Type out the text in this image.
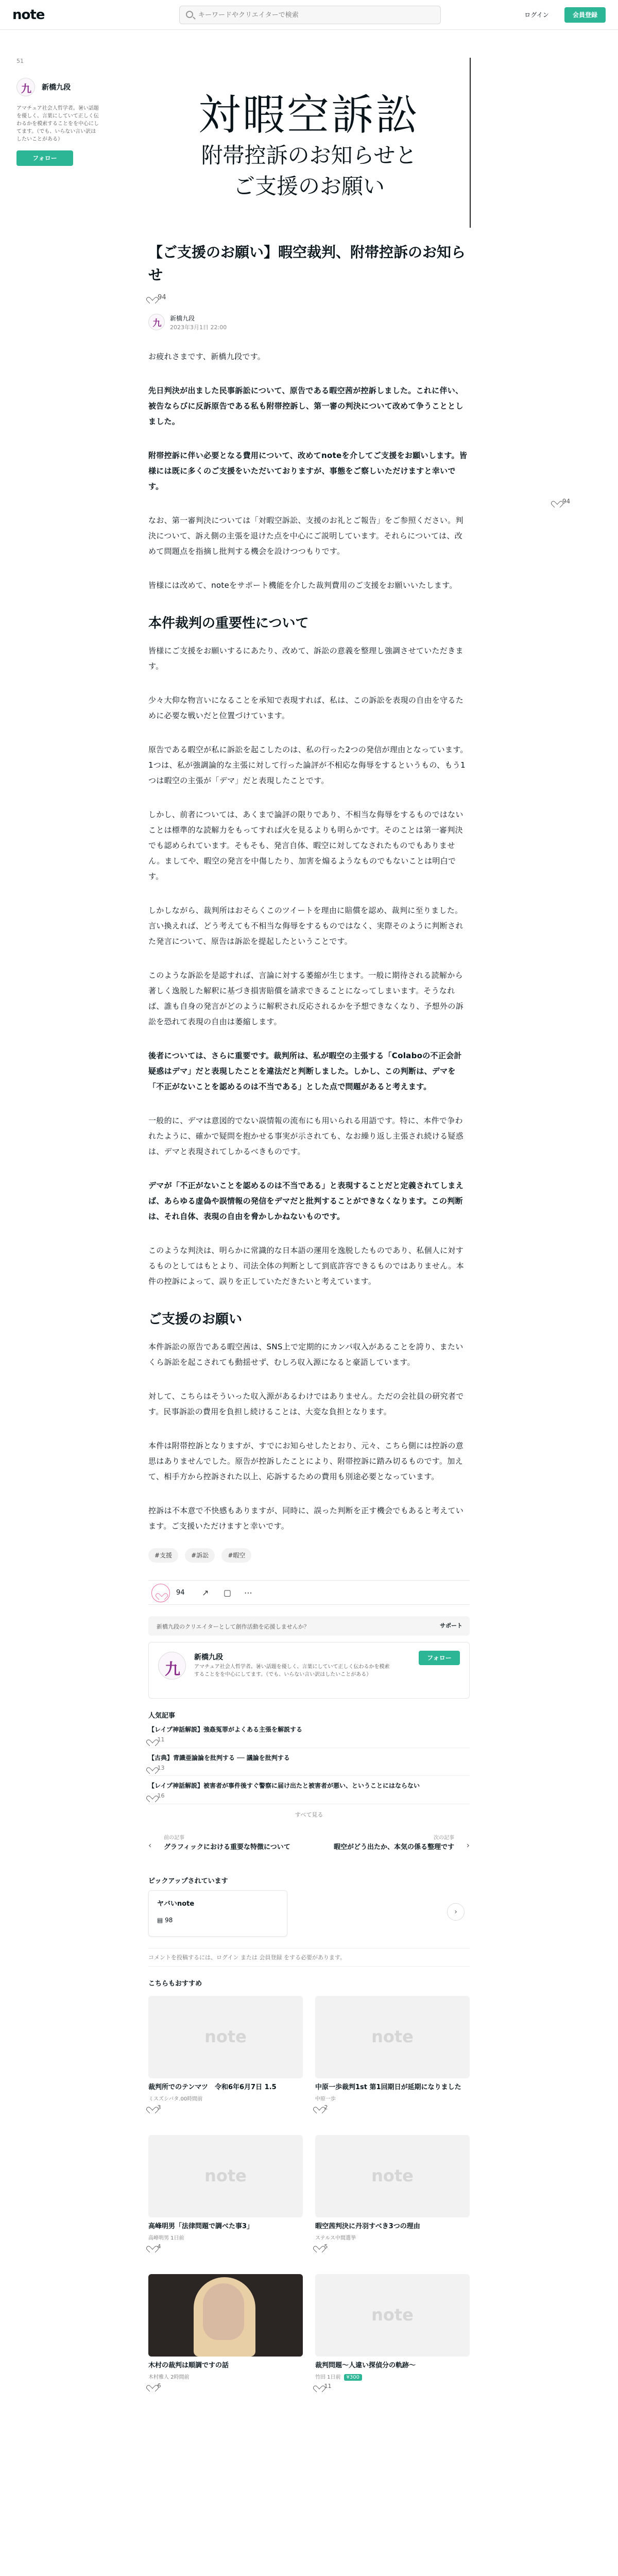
note
キーワードやクリエイターで検索	ログイン	会員登録
51
九	新橋九段
アマチュア社会人哲学者。暑い話題を優しく、言葉にしていて正しく伝わるかを模索することをを中心にしてます。（でも、いらない言い訳はしたいことがある）
フォロー
対暇空訴訟
附帯控訴のお知らせと
ご支援のお願い
【ご支援のお願い】暇空裁判、附帯控訴のお知らせ
94
九	新橋九段
2023年3月1日 22:00

お疲れさまです、新橋九段です。

先日判決が出ました民事訴訟について、原告である暇空茜が控訴しました。これに伴い、被告ならびに反訴原告である私も附帯控訴し、第一審の判決について改めて争うこととしました。

附帯控訴に伴い必要となる費用について、改めてnoteを介してご支援をお願いします。皆様には既に多くのご支援をいただいておりますが、事態をご察しいただけますと幸いです。

なお、第一審判決については「対暇空訴訟、支援のお礼とご報告」をご参照ください。判決について、訴え側の主張を退けた点を中心にご説明しています。それらについては、改めて問題点を指摘し批判する機会を設けつつもりです。

皆様には改めて、noteをサポート機能を介した裁判費用のご支援をお願いいたします。

本件裁判の重要性について

皆様にご支援をお願いするにあたり、改めて、訴訟の意義を整理し強調させていただきます。

少々大仰な物言いになることを承知で表現すれば、私は、この訴訟を表現の自由を守るために必要な戦いだと位置づけています。

原告である暇空が私に訴訟を起こしたのは、私の行った2つの発信が理由となっています。1つは、私が強調論的な主張に対して行った論評が不相応な侮辱をするというもの、もう1つは暇空の主張が「デマ」だと表現したことです。

しかし、前者については、あくまで論評の限りであり、不相当な侮辱をするものではないことは標準的な読解力をもってすれば火を見るよりも明らかです。そのことは第一審判決でも認められています。そもそも、発言自体、暇空に対してなされたものでもありません。ましてや、暇空の発言を中傷したり、加害を煽るようなものでもないことは明白です。

しかしながら、裁判所はおそらくこのツイートを理由に賠償を認め、裁判に至りました。言い換えれば、どう考えても不相当な侮辱をするものではなく、実際そのように判断された発言について、原告は訴訟を提起したということです。

このような訴訟を是認すれば、言論に対する萎縮が生じます。一般に期待される読解から著しく逸脱した解釈に基づき損害賠償を請求できることになってしまいます。そうなれば、誰も自身の発言がどのように解釈され反応されるかを予想できなくなり、予想外の訴訟を恐れて表現の自由は萎縮します。

後者については、さらに重要です。裁判所は、私が暇空の主張する「Colaboの不正会計疑惑はデマ」だと表現したことを違法だと判断しました。しかし、この判断は、デマを「不正がないことを認めるのは不当である」とした点で問題があると考えます。

一般的に、デマは意図的でない誤情報の流布にも用いられる用語です。特に、本件で争われたように、確かで疑問を抱かせる事実が示されても、なお繰り返し主張され続ける疑惑は、デマと表現されてしかるべきものです。

デマが「不正がないことを認めるのは不当である」と表現することだと定義されてしまえば、あらゆる虚偽や誤情報の発信をデマだと批判することができなくなります。この判断は、それ自体、表現の自由を脅かしかねないものです。

このような判決は、明らかに常識的な日本語の運用を逸脱したものであり、私個人に対するものとしてはもとより、司法全体の判断として到底許容できるものではありません。本件の控訴によって、誤りを正していただきたいと考えています。

ご支援のお願い

本件訴訟の原告である暇空茜は、SNS上で定期的にカンパ収入があることを誇り、またいくら訴訟を起こされても動揺せず、むしろ収入源になると豪語しています。

対して、こちらはそういった収入源があるわけではありません。ただの会社員の研究者です。民事訴訟の費用を負担し続けることは、大変な負担となります。

本件は附帯控訴となりますが、すでにお知らせしたとおり、元々、こちら側には控訴の意思はありませんでした。原告が控訴したことにより、附帯控訴に踏み切るものです。加えて、相手方から控訴された以上、応訴するための費用も別途必要となっています。

控訴は不本意で不快感もありますが、同時に、誤った判断を正す機会でもあると考えています。ご支援いただけますと幸いです。

#支援	#訴訟	#暇空
94 ↗ ▢ ⋯
新橋九段のクリエイターとして創作活動を応援しませんか？	サポート
九
新橋九段
アマチュア社会人哲学者。暑い話題を優しく、言葉にしていて正しく伝わるかを模索することをを中心にしてます。（でも、いらない言い訳はしたいことがある）
フォロー
人気記事
【レイプ神話解説】強姦冤罪がよくある主張を解説する
11
【古典】青識亜論論を批判する ── 議論を批判する
13
【レイプ神話解説】被害者が事件後すぐ警察に届け出たと被害者が悪い、ということにはならない
16
すべて見る
‹
前の記事
グラフィックにおける重要な特徴について	›
次の記事
暇空がどう出たか、本気の係る整理です
ピックアップされています
ヤバいnote
▤ 98
›
コメントを投稿するには、ログイン または 会員登録 をする必要があります。
こちらもおすすめ
note
裁判所でのテンマツ　令和6年6月7日 1.5
ミスズシバタ.00時間前
3
note
中原一歩裁判1st 第1回期日が延期になりました
中原一歩
2
note
高峰明男「法律問題で調べた事3」
高峰明男 1日前
4
note
暇空茜判決に丹羽すべき3つの理由
ステルス中間選挙
5
木村の裁判は順調ですの話
木村雅人 2時間前
6
note
裁判問題〜人違い探偵分の軌跡〜
竹田 1日前 ¥300
11
94
